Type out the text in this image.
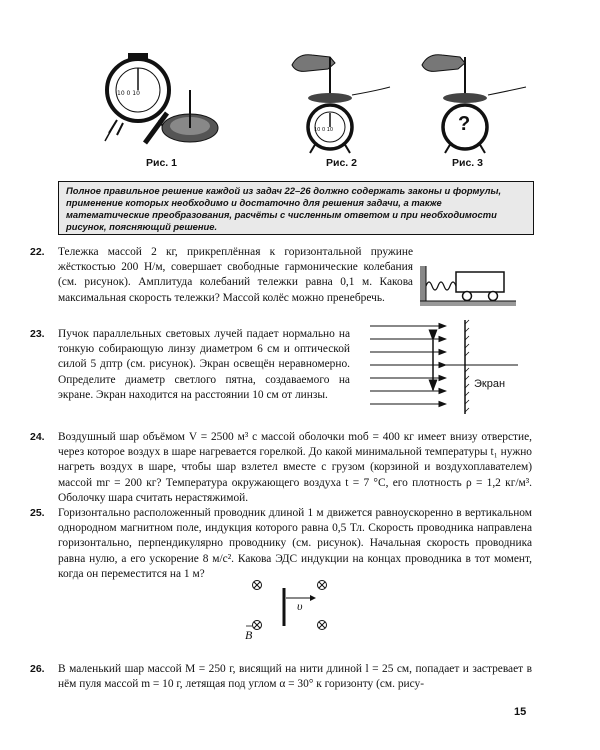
10 0 10
Рис. 1
10 0 10
Рис. 2
?
Рис. 3
Полное правильное решение каждой из задач 22–26 должно содержать законы и формулы, применение которых необходимо и достаточно для решения задачи, а также математические преобразования, расчёты с численным ответом и при необходимости рисунок, поясняющий решение.
22. Тележка массой 2 кг, прикреплённая к горизонтальной пружине жёсткостью 200 Н/м, совершает свободные гармонические колебания (см. рисунок). Амплитуда колебаний тележки равна 0,1 м. Какова максимальная скорость тележки? Массой колёс можно пренебречь.
23. Пучок параллельных световых лучей падает нормально на тонкую собирающую линзу диаметром 6 см и оптической силой 5 дптр (см. рисунок). Экран освещён неравномерно. Определите диаметр светлого пятна, создаваемого на экране. Экран находится на расстоянии 10 см от линзы.
Экран
24. Воздушный шар объёмом V = 2500 м³ с массой оболочки mоб = 400 кг имеет внизу отверстие, через которое воздух в шаре нагревается горелкой. До какой минимальной температуры t₁ нужно нагреть воздух в шаре, чтобы шар взлетел вместе с грузом (корзиной и воздухоплавателем) массой mг = 200 кг? Температура окружающего воздуха t = 7 °С, его плотность ρ = 1,2 кг/м³. Оболочку шара считать нерастяжимой.
25. Горизонтально расположенный проводник длиной 1 м движется равноускоренно в вертикальном однородном магнитном поле, индукция которого равна 0,5 Тл. Скорость проводника направлена горизонтально, перпендикулярно проводнику (см. рисунок). Начальная скорость проводника равна нулю, а его ускорение 8 м/с². Какова ЭДС индукции на концах проводника в тот момент, когда он переместится на 1 м?
υ
B
26. В маленький шар массой M = 250 г, висящий на нити длиной l = 25 см, попадает и застревает в нём пуля массой m = 10 г, летящая под углом α = 30° к горизонту (см. рису-
15
